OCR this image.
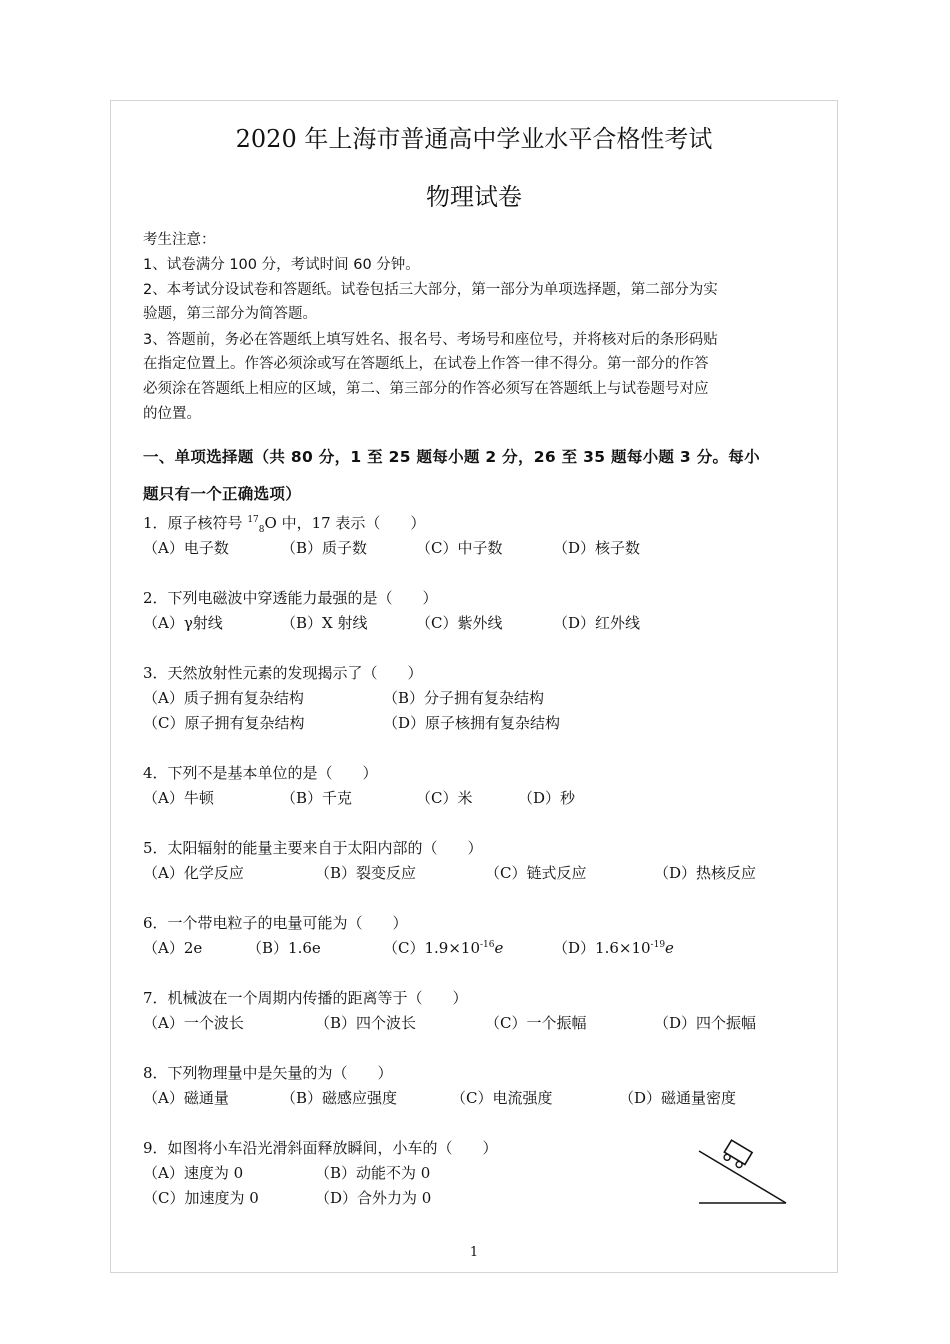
2020 年上海市普通高中学业水平合格性考试
物理试卷
考生注意：
1、试卷满分 100 分，考试时间 60 分钟。
2、本考试分设试卷和答题纸。试卷包括三大部分，第一部分为单项选择题，第二部分为实
验题，第三部分为简答题。
3、答题前，务必在答题纸上填写姓名、报名号、考场号和座位号，并将核对后的条形码贴
在指定位置上。作答必须涂或写在答题纸上，在试卷上作答一律不得分。第一部分的作答
必须涂在答题纸上相应的区域，第二、第三部分的作答必须写在答题纸上与试卷题号对应
的位置。
一、单项选择题（共 80 分，1 至 25 题每小题 2 分，26 至 35 题每小题 3 分。每小
题只有一个正确选项）
1．原子核符号 $^{17}_8$O 中，17 表示（　　）
（A）电子数	（B）质子数	（C）中子数	（D）核子数
2．下列电磁波中穿透能力最强的是（　　）
（A）γ射线	（B）X 射线	（C）紫外线	（D）红外线
3．天然放射性元素的发现揭示了（　　）
（A）质子拥有复杂结构	（B）分子拥有复杂结构
（C）原子拥有复杂结构	（D）原子核拥有复杂结构
4．下列不是基本单位的是（　　）
（A）牛顿	（B）千克	（C）米	（D）秒
5．太阳辐射的能量主要来自于太阳内部的（　　）
（A）化学反应	（B）裂变反应	（C）链式反应	（D）热核反应
6．一个带电粒子的电量可能为（　　）
（A）2e	（B）1.6e	$(C)1.9\times 10^{-16}e$	$(D)1.6\times 10^{-19}e$
7．机械波在一个周期内传播的距离等于（　　）
（A）一个波长	（B）四个波长	（C）一个振幅	（D）四个振幅
8．下列物理量中是矢量的为（　　）
（A）磁通量	（B）磁感应强度	（C）电流强度	（D）磁通量密度
9．如图将小车沿光滑斜面释放瞬间，小车的（　　）
（A）速度为 0	（B）动能不为 0
（C）加速度为 0	（D）合外力为 0
1
